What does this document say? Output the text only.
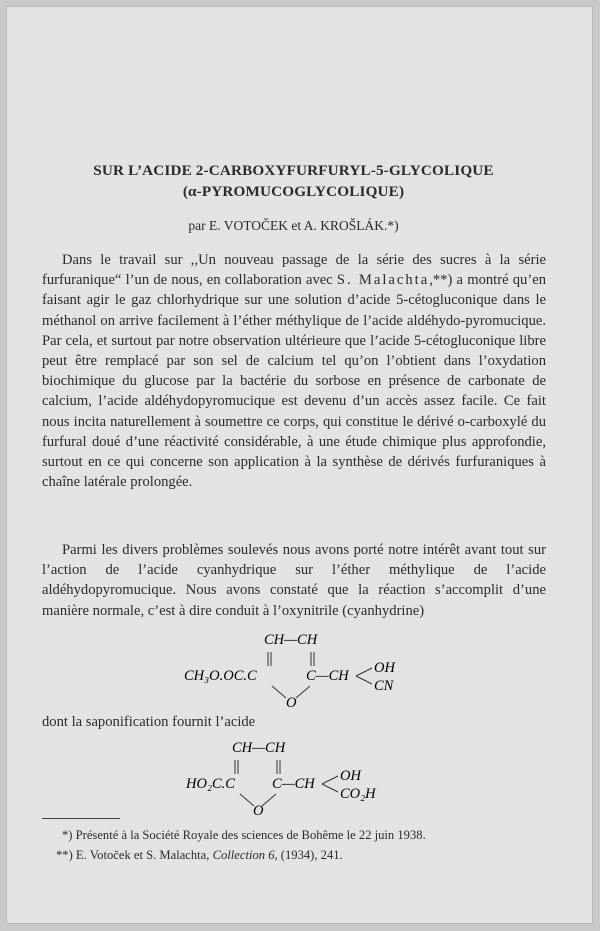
SUR L’ACIDE 2-CARBOXYFURFURYL-5-GLYCOLIQUE
(α-PYROMUCOGLYCOLIQUE)
par E. VOTOČEK et A. KROŠLÁK.*)

Dans le travail sur ,,Un nouveau passage de la série des sucres à la série furfuranique“ l’un de nous, en collaboration avec S. Malachta,**) a montré qu’en faisant agir le gaz chlorhydrique sur une solution d’acide 5-cétogluconique dans le méthanol on arrive facilement à l’éther méthylique de l’acide aldéhydo-pyromucique. Par cela, et surtout par notre observation ultérieure que l’acide 5-cétogluconique libre peut être remplacé par son sel de calcium tel qu’on l’obtient dans l’oxydation biochimique du glucose par la bactérie du sorbose en présence de carbonate de calcium, l’acide aldéhydopyromucique est devenu d’un accès assez facile. Ce fait nous incita naturellement à soumettre ce corps, qui constitue le dérivé o-carboxylé du furfural doué d’une réactivité considérable, à une étude chimique plus approfondie, surtout en ce qui concerne son application à la synthèse de dérivés furfuraniques à chaîne latérale prolongée.

Parmi les divers problèmes soulevés nous avons porté notre intérêt avant tout sur l’action de l’acide cyanhydrique sur l’éther méthylique de l’acide aldéhydopyromucique. Nous avons constaté que la réaction s’accomplit d’une manière normale, c’est à dire conduit à l’oxynitrile (cyanhydrine)

CH—CH
CH₃O.OC.C	C—CH OH
CN
O
dont la saponification fournit l’acide
CH—CH
HO₂C.C	C—CH OH
CO₂H
O
*) Présenté à la Société Royale des sciences de Bohême le 22 juin 1938.
**) E. Votoček et S. Malachta, Collection 6, (1934), 241.
